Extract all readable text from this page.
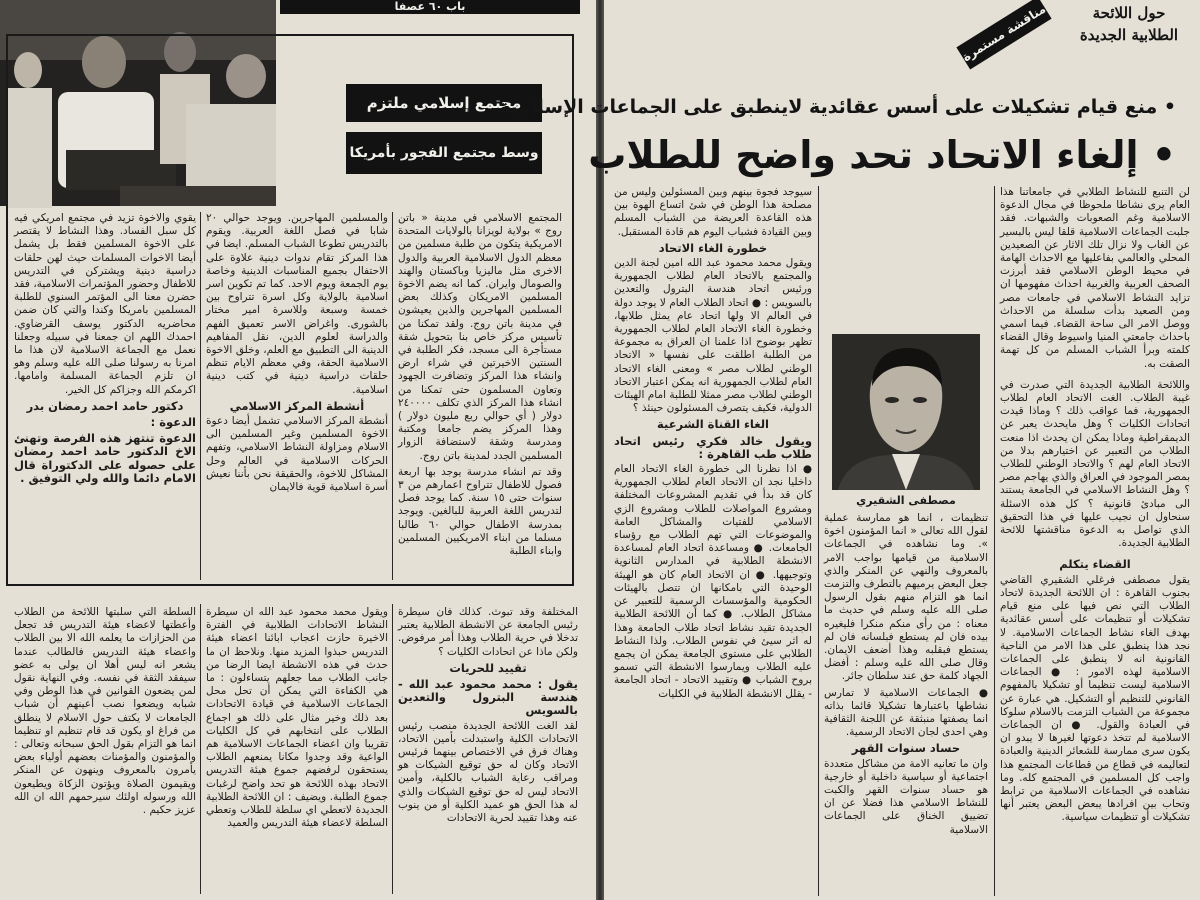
باب ٦٠ عصفا
مجتمع إسلامي ملتزم
وسط مجتمع الفجور بأمريكا
المجتمع الاسلامي في مدينة « باتن روج » بولاية لويزانا بالولايات المتحدة الامريكية يتكون من طلبة مسلمين من معظم الدول الاسلامية العربية والدول الاخرى مثل ماليزيا وباكستان والهند والصومال وايران. كما انه يضم الاخوة المسلمين الامريكان وكذلك بعض المسلمين المهاجرين والذين يعيشون في مدينة باتن روج. ولقد تمكنا من تأسيس مركز خاص بنا بتحويل شقة مستأجرة الى مسجد، فكر الطلبة في السنتين الاخيرتين في شراء ارض وانشاء هذا المركز وتضافرت الجهود وتعاون المسلمون حتى تمكنا من انشاء هذا المركز الذي تكلف ٢٤٠٠٠٠ دولار ( أي حوالي ربع مليون دولار ) وهذا المركز يضم جامعا ومكتبة ومدرسة وشقة لاستضافة الزوار المسلمين الجدد لمدينة باتن روج.
وقد تم انشاء مدرسة يوجد بها اربعة فصول للاطفال تتراوح اعمارهم من ٣ سنوات حتى ١٥ سنة. كما يوجد فصل لتدريس اللغة العربية للبالغين. ويوجد بمدرسة الاطفال حوالي ٦٠ طالبا مسلما من ابناء الامريكيين المسلمين وابناء الطلبة
والمسلمين المهاجرين. ويوجد حوالي ٢٠ شابا في فصل اللغة العربية. ويقوم بالتدريس تطوعا الشباب المسلم. ايضا في هذا المركز تقام ندوات دينية علاوة على الاحتفال بجميع المناسبات الدينية وخاصة يوم الجمعة ويوم الاحد. كما تم تكوين اسر اسلامية بالولاية وكل اسرة تتراوح بين خمسة وسبعة وللاسرة امير مختار بالشورى. واغراض الاسر تعميق الفهم والدراسة لعلوم الدين، نقل المفاهيم الدينية الى التطبيق مع العلم، وخلق الاخوة الاسلامية الحقة، وفي معظم الايام تنظم حلقات دراسية دينية في كتب دينية اسلامية.
أنشطة المركز الاسلامي
أنشطة المركز الاسلامي تشمل أيضا دعوة الاخوة المسلمين وغير المسلمين الى الاسلام ومزاولة النشاط الاسلامي، وتفهم الحركات الاسلامية في العالم وحل المشاكل للاخوة، والحقيقة نحن بأننا نعيش أسرة اسلامية قوية فالايمان
يقوي والاخوة تزيد في مجتمع امريكي فيه كل سبل الفساد. وهذا النشاط لا يقتصر على الاخوة المسلمين فقط بل يشمل أيضا الاخوات المسلمات حيث لهن حلقات دراسية دينية ويشتركن في التدريس للاطفال وحضور المؤتمرات الاسلامية، فقد حضرن معنا الى المؤتمر السنوي للطلبة المسلمين بامريكا وكندا والتي كان ضمن محاضريه الدكتور يوسف القرضاوي. احمدك اللهم ان جمعنا في سبيله وجعلنا نعمل مع الجماعة الاسلامية لان هذا ما امرنا به رسولنا صلى الله عليه وسلم وهو ان تلزم الجماعة المسلمة وامامها. اكرمكم الله وجزاكم كل الخير.
دكتور حامد احمد رمضان بدر
الدعوة :
الدعوة تنتهز هذه الفرصة وتهنئ الاخ الدكتور حامد احمد رمضان على حصوله على الدكتوراة قال الامام دائما والله ولي التوفيق .
المختلفة وقد تبوث. كذلك فان سيطرة رئيس الجامعة عن الانشطة الطلابية يعتبر تدخلا في حرية الطلاب وهذا أمر مرفوض. ولكن ماذا عن اتحادات الكليات ؟
تقييد للحريات
يقول : محمد محمود عبد الله - هندسة البترول والتعدين بالسويس
لقد الغت اللائحة الجديدة منصب رئيس الاتحادات الكلية واستبدلت بأمين الاتحاد، وهناك فرق في الاختصاص بينهما فرئيس الاتحاد وكان له حق توقيع الشيكات هو ومراقب رعاية الشباب بالكلية، وأمين الاتحاد ليس له حق توقيع الشيكات والذي له هذا الحق هو عميد الكلية أو من ينوب عنه وهذا تقييد لحرية الاتحادات
ويقول محمد محمود عبد الله ان سيطرة النشاط الاتحادات الطلابية في الفترة الاخيرة حازت اعجاب ابائنا اعضاء هيئة التدريس حبذوا المزيد منها. ونلاحظ ان ما حدث في هذه الانشطة ايضا الرضا من جانب الطلاب مما جعلهم يتساءلون : ما هي الكفاءة التي يمكن أن تحل محل الجماعات الاسلامية في قيادة الاتحادات بعد ذلك وخير مثال على ذلك هو اجماع الطلاب على انتخابهم في كل الكليات تقريبا وان اعضاء الجماعات الاسلامية هم الواعية وقد وجدوا مكانا يمنعهم الطلاب يستحقون لرفضهم جموع هيئة التدريس الاتحاد بهذه اللائحة هو تحد واضح لرغبات جموع الطلبة. ويضيف : ان اللائحة الطلابية الجديدة لاتعطي اي سلطة للطلاب وتعطي السلطة لاعضاء هيئة التدريس والعميد
السلطة التي سلبتها اللائحة من الطلاب وأعطتها لاعضاء هيئة التدريس قد تجعل من الحزازات ما يعلمه الله الا بين الطلاب واعضاء هيئة التدريس فالطالب عندما يشعر انه ليس أهلا ان يولى به عضو سيفقد الثقة في نفسه. وفي النهاية نقول لمن يضعون القوانين في هذا الوطن وفي شبابه ويضعوا نصب أعينهم أن شباب الجامعات لا يكتف حول الاسلام لا ينطلق من فراغ او يكون قد قام تنظيم او تنظيما انما هو التزام بقول الحق سبحانه وتعالى : والمؤمنون والمؤمنات بعضهم أولياء بعض يأمرون بالمعروف وينهون عن المنكر ويقيمون الصلاة ويؤتون الزكاة ويطيعون الله ورسوله اولئك سيرحمهم الله ان الله عزيز حكيم .
حول اللائحة الطلابية الجديدة
مناقشة مستمرة
• منع قيام تشكيلات على أسس عقائدية لاينطبق على الجماعات الإسلامية
• إلغاء الاتحاد تحد واضح للطلاب
مصطفى الشقيري
لن التنبع للنشاط الطلابي في جامعاتنا هذا العام يرى نشاطا ملحوظا في مجال الدعوة الاسلامية وغم الصعوبات والشبهات. فقد جلبت الجماعات الاسلامية قلقا ليس بالبسير عن الغاب ولا نزال تلك الاثار عن الصعيدين المحلي والعالمي بفاعليها مع الاحداث الهامة في محيط الوطن الاسلامي فقد أبرزت الصحف العربية والغربية احداث مفهومها ان تزايد النشاط الاسلامي في جامعات مصر ومن الصعيد بدأت سلسلة من الاحداث ووصل الامر الى ساحة القضاء. فيما اسمي باحداث جامعتي المنيا واسيوط وقال القضاء كلمته وبرأ الشباب المسلم من كل تهمة الصقت به.
واللائحة الطلابية الجديدة التي صدرت في غيبة الطلاب. الغت الاتحاد العام لطلاب الجمهورية، فما عواقب ذلك ؟ وماذا قيدت اتحادات الكليات ؟ وهل مايحدث يعبر عن الديمقراطية وماذا يمكن ان يحدث اذا منعت الطلاب من التعبير عن اختيارهم بدلا من الاتحاد العام لهم ؟ والاتحاد الوطني للطلاب بمصر الموجود في العراق والذي يهاجم مصر ؟ وهل النشاط الاسلامي في الجامعة يستند الى مبادئ قانونية ؟ كل هذه الاسئلة سنحاول ان نجيب عليها في هذا التحقيق الذي تواصل به الدعوة مناقشتها للائحة الطلابية الجديدة.
القضاء يتكلم
يقول مصطفى فرغلي الشقيري القاضي بجنوب القاهرة : ان اللائحة الجديدة لاتحاد الطلاب التي نص فيها على منع قيام تشكيلات أو تنظيمات على أسس عقائدية بهدف الغاء نشاط الجماعات الاسلامية. لا نجد هذا ينطبق على هذا الامر من الناحية القانونية انه لا ينطبق على الجماعات الاسلامية لهذه الامور : ● الجماعات الاسلامية ليست تنظيما أو تشكيلا بالمفهوم القانوني للتنظيم أو التشكيل. هي عبارة عن مجموعة من الشباب التزمت بالاسلام سلوكا في العبادة والقول. ● ان الجماعات الاسلامية لم تتخذ دعوتها لغيرها لا يبدو ان يكون سرى ممارسة للشعائر الدينية والعبادة لتعاليمه في قطاع من قطاعات المجتمع هذا واجب كل المسلمين في المجتمع كله. وما نشاهده في الجماعات الاسلامية من ترابط وتحاب بين افرادها يبعض البعض يعتبر أنها تشكيلات أو تنظيمات سياسية.
تنظيمات ، انما هو ممارسة عملية لقول الله تعالى « انما المؤمنون اخوة ». وما نشاهده في الجماعات الاسلامية من قيامها بواجب الامر بالمعروف والنهي عن المنكر والذي جعل البعض يرميهم بالتطرف والتزمت انما هو التزام منهم بقول الرسول صلى الله عليه وسلم في حديث ما معناه : من رأى منكم منكرا فليغيره بيده فان لم يستطع فبلسانه فان لم يستطع فبقلبه وهذا أضعف الايمان. وقال صلى الله عليه وسلم : أفضل الجهاد كلمة حق عند سلطان جائر.
● الجماعات الاسلامية لا تمارس نشاطها باعتبارها تشكيلا قائما بذاته انما يصفتها منبثقة عن اللجنة الثقافية وهي احدى لجان الاتحاد الرسمية.
حساد سنوات القهر
وان ما تعانيه الامة من مشاكل متعددة اجتماعية أو سياسية داخلية أو خارجية هو حساد سنوات القهر والكبت للنشاط الاسلامي هذا فضلا عن ان تضييق الخناق على الجماعات الاسلامية
سيوجد فجوة بينهم وبين المسئولين وليس من مصلحة هذا الوطن في شئ اتساع الهوة بين هذه القاعدة العريضة من الشباب المسلم وبين القيادة فشباب اليوم هم قادة المستقبل.
خطورة الغاء الاتحاد
ويقول محمد محمود عبد الله امين لجنة الدين والمجتمع بالاتحاد العام لطلاب الجمهورية ورئيس اتحاد هندسة البترول والتعدين بالسويس : ● اتحاد الطلاب العام لا يوجد دولة في العالم الا ولها اتحاد عام يمثل طلابها، وخطورة الغاء الاتحاد العام لطلاب الجمهورية تظهر بوضوح اذا علمنا ان العراق به مجموعة من الطلبة اطلقت على نفسها « الاتحاد الوطني لطلاب مصر » ومعنى الغاء الاتحاد العام لطلاب الجمهورية انه يمكن اعتبار الاتحاد الوطني لطلاب مصر ممثلا للطلبة امام الهيئات الدولية، فكيف يتصرف المسئولون حينئذ ؟
الغاء القناة الشرعية
ويقول خالد فكري رئيس اتحاد طلاب طب القاهرة :
● اذا نظرنا الى خطورة الغاء الاتحاد العام داخليا نجد ان الاتحاد العام لطلاب الجمهورية كان قد بدأ في تقديم المشروعات المختلفة ومشروع المواصلات للطلاب ومشروع الزي الاسلامي للفتيات والمشاكل العامة والموضوعات التي تهم الطلاب مع رؤساء الجامعات. ● ومساعدة اتحاد العام لمساعدة الانشطة الطلابية في المدارس الثانوية وتوجيهها. ● ان الاتحاد العام كان هو الهيئة الوحيدة التي بامكانها ان تتصل بالهيئات الحكومية والمؤسسات الرسمية للتعبير عن مشاكل الطلاب. ● كما أن اللائحة الطلابية الجديدة تقيد نشاط اتحاد طلاب الجامعة وهذا له اثر سيئ في نفوس الطلاب. ولذا النشاط الطلابي على مستوى الجامعة يمكن ان يجمع عليه الطلاب ويمارسوا الانشطة التي تسمو بروح الشباب ● وتقييد الاتحاد - اتحاد الجامعة - يقلل الانشطة الطلابية في الكليات
